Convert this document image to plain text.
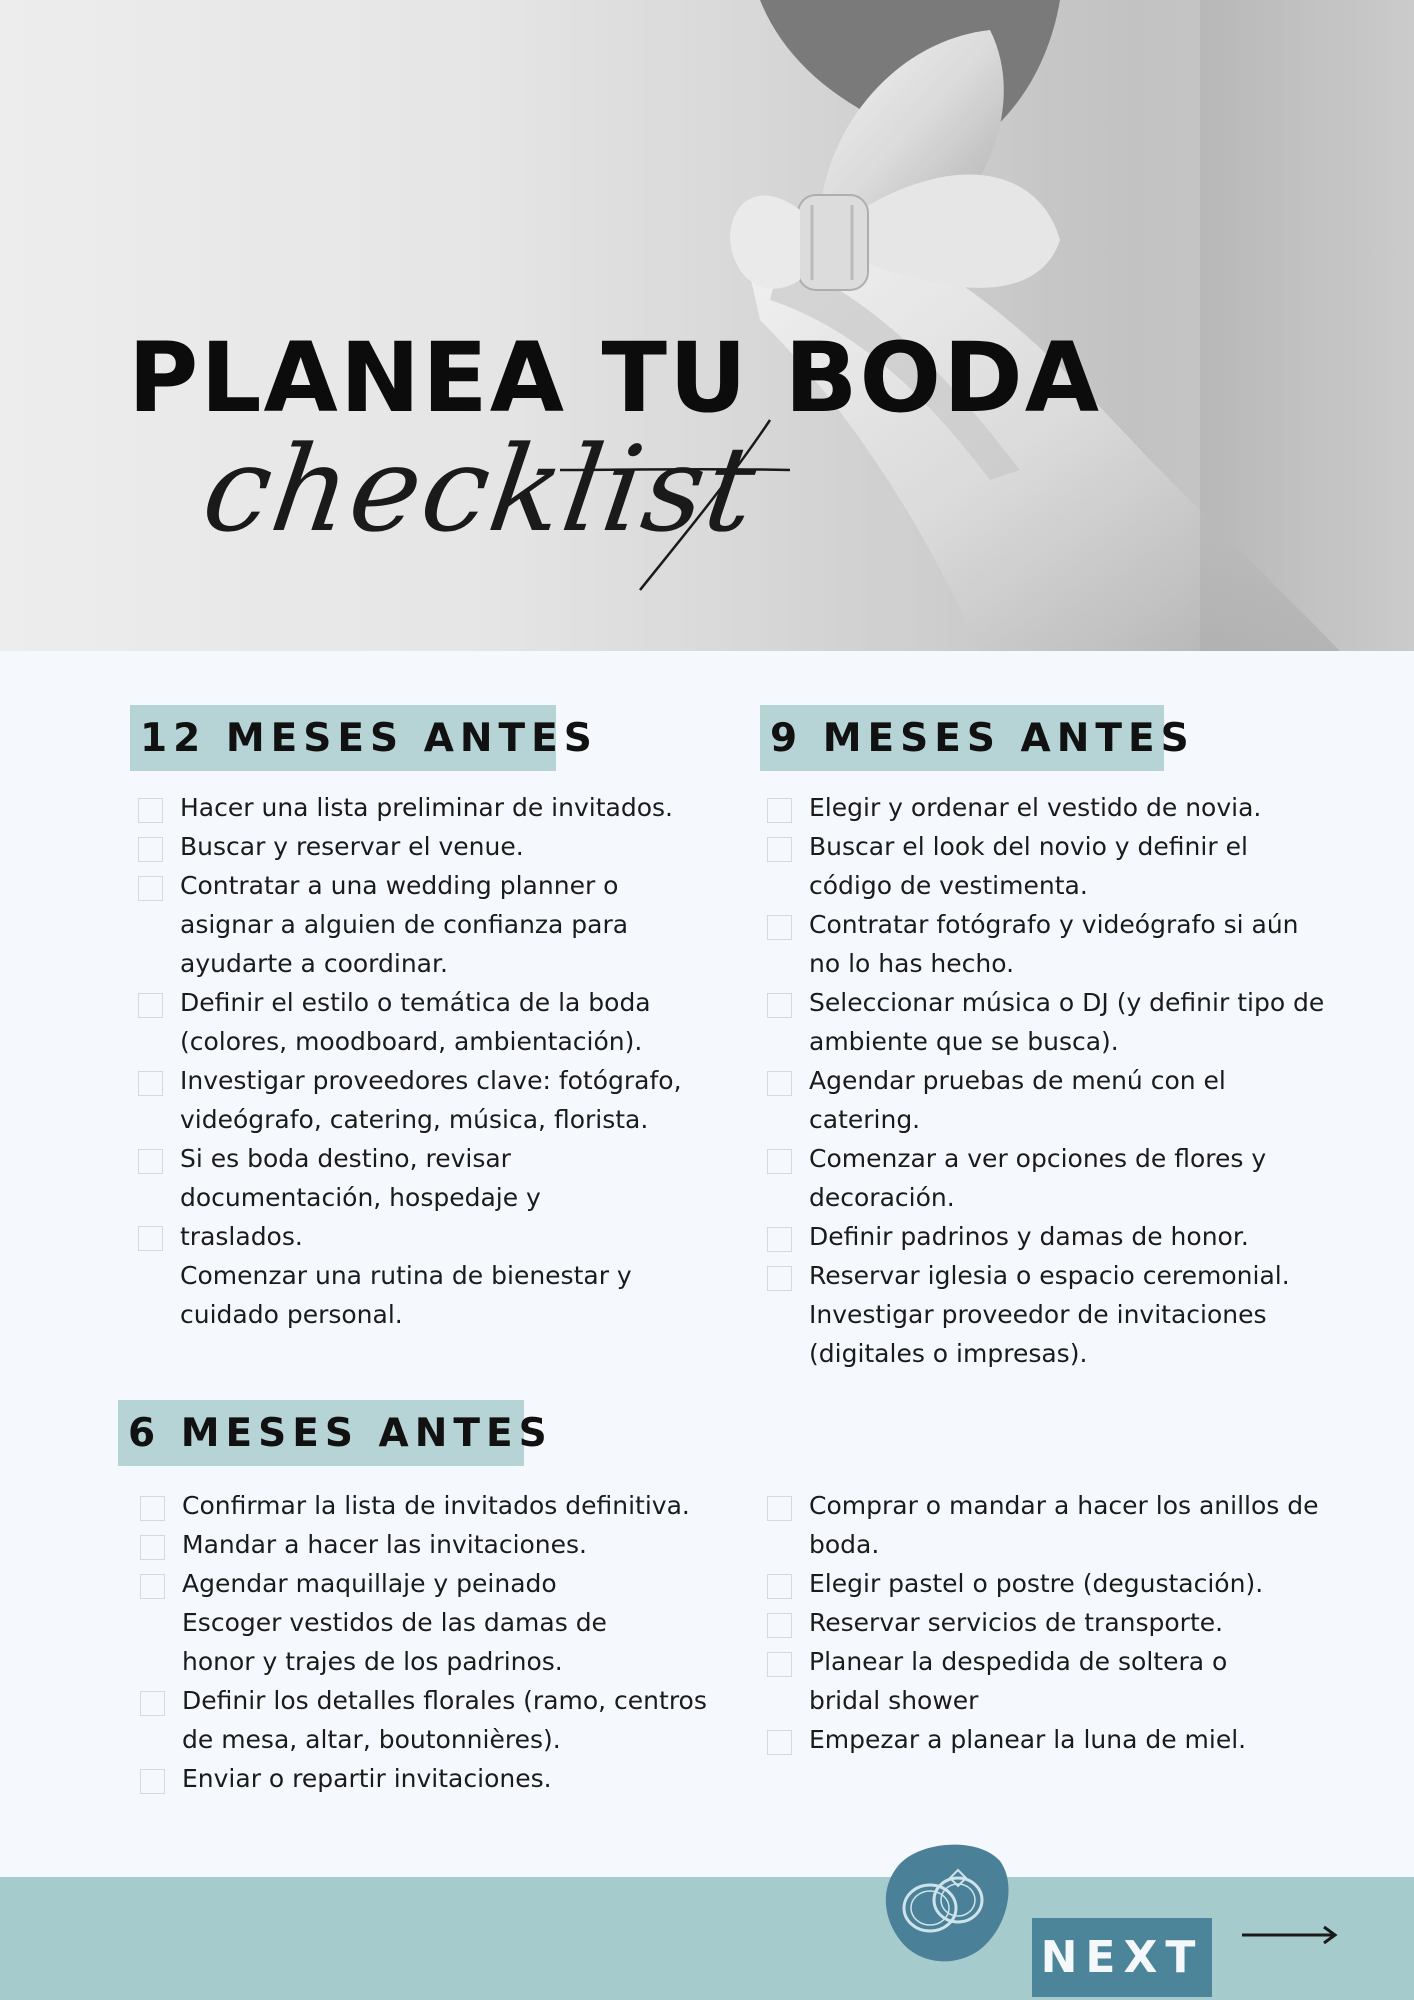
PLANEA TU BODA
checklist
12 MESES ANTES
Hacer una lista preliminar de invitados.
Buscar y reservar el venue.
Contratar a una wedding planner o asignar a alguien de confianza para ayudarte a coordinar.
Definir el estilo o temática de la boda (colores, moodboard, ambientación).
Investigar proveedores clave: fotógrafo, videógrafo, catering, música, florista.
Si es boda destino, revisar documentación, hospedaje y traslados.
Comenzar una rutina de bienestar y cuidado personal.
9 MESES ANTES
Elegir y ordenar el vestido de novia.
Buscar el look del novio y definir el código de vestimenta.
Contratar fotógrafo y videógrafo si aún no lo has hecho.
Seleccionar música o DJ (y definir tipo de ambiente que se busca).
Agendar pruebas de menú con el catering.
Comenzar a ver opciones de flores y decoración.
Definir padrinos y damas de honor.
Reservar iglesia o espacio ceremonial.
Investigar proveedor de invitaciones (digitales o impresas).
6 MESES ANTES
Confirmar la lista de invitados definitiva.
Mandar a hacer las invitaciones.
Agendar maquillaje y peinado
Escoger vestidos de las damas de honor y trajes de los padrinos.
Definir los detalles florales (ramo, centros de mesa, altar, boutonnières).
Enviar o repartir invitaciones.
Comprar o mandar a hacer los anillos de boda.
Elegir pastel o postre (degustación).
Reservar servicios de transporte.
Planear la despedida de soltera o bridal shower
Empezar a planear la luna de miel.
NEXT
